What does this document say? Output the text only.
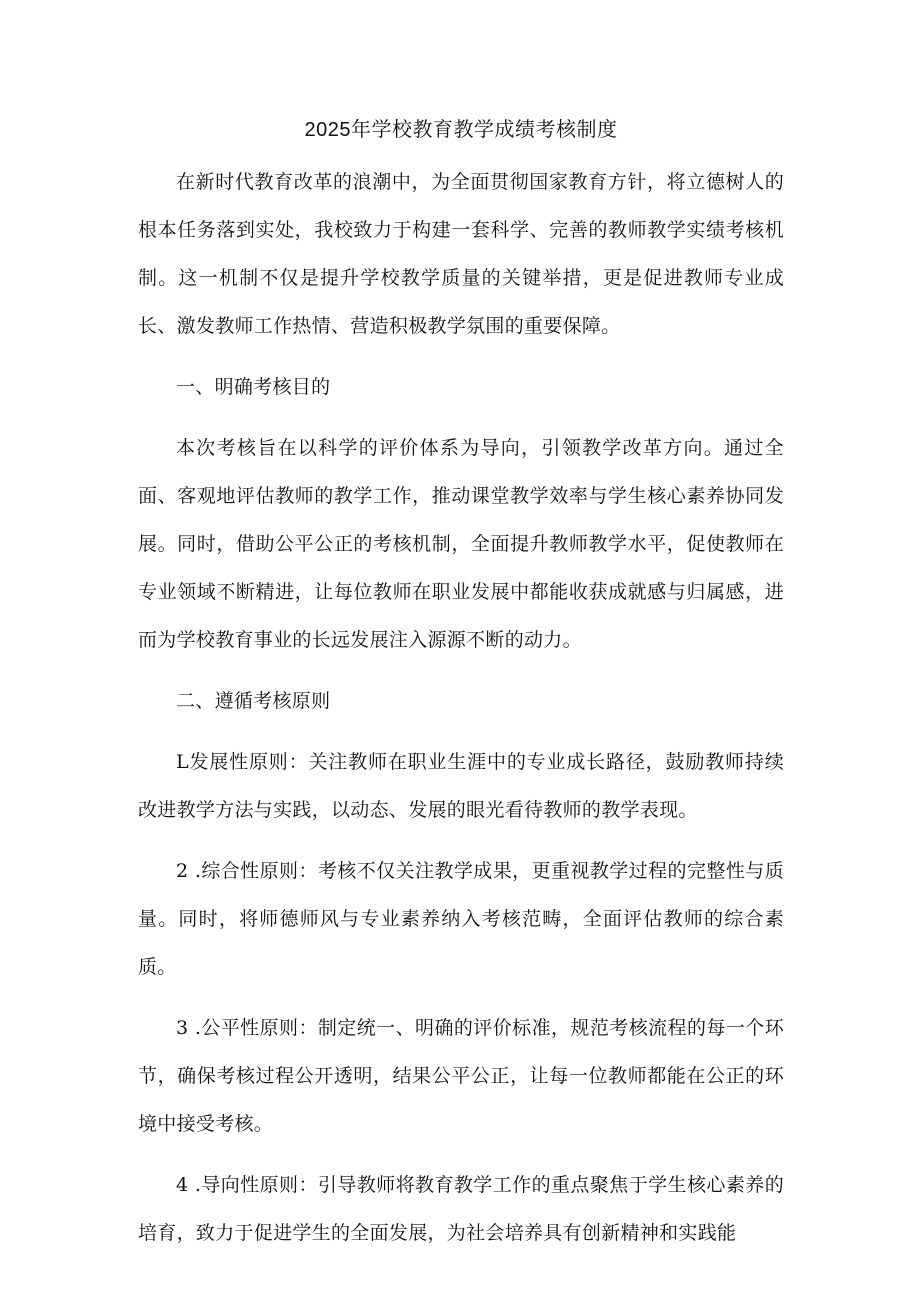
2025年学校教育教学成绩考核制度

在新时代教育改革的浪潮中，为全面贯彻国家教育方针，将立德树人的根本任务落到实处，我校致力于构建一套科学、完善的教师教学实绩考核机制。这一机制不仅是提升学校教学质量的关键举措，更是促进教师专业成长、激发教师工作热情、营造积极教学氛围的重要保障。

一、明确考核目的

本次考核旨在以科学的评价体系为导向，引领教学改革方向。通过全面、客观地评估教师的教学工作，推动课堂教学效率与学生核心素养协同发展。同时，借助公平公正的考核机制，全面提升教师教学水平，促使教师在专业领域不断精进，让每位教师在职业发展中都能收获成就感与归属感，进而为学校教育事业的长远发展注入源源不断的动力。

二、遵循考核原则

L发展性原则：关注教师在职业生涯中的专业成长路径，鼓励教师持续改进教学方法与实践，以动态、发展的眼光看待教师的教学表现。

2 .综合性原则：考核不仅关注教学成果，更重视教学过程的完整性与质量。同时，将师德师风与专业素养纳入考核范畴，全面评估教师的综合素质。

3 .公平性原则：制定统一、明确的评价标准，规范考核流程的每一个环节，确保考核过程公开透明，结果公平公正，让每一位教师都能在公正的环境中接受考核。

4 .导向性原则：引导教师将教育教学工作的重点聚焦于学生核心素养的培育，致力于促进学生的全面发展，为社会培养具有创新精神和实践能
